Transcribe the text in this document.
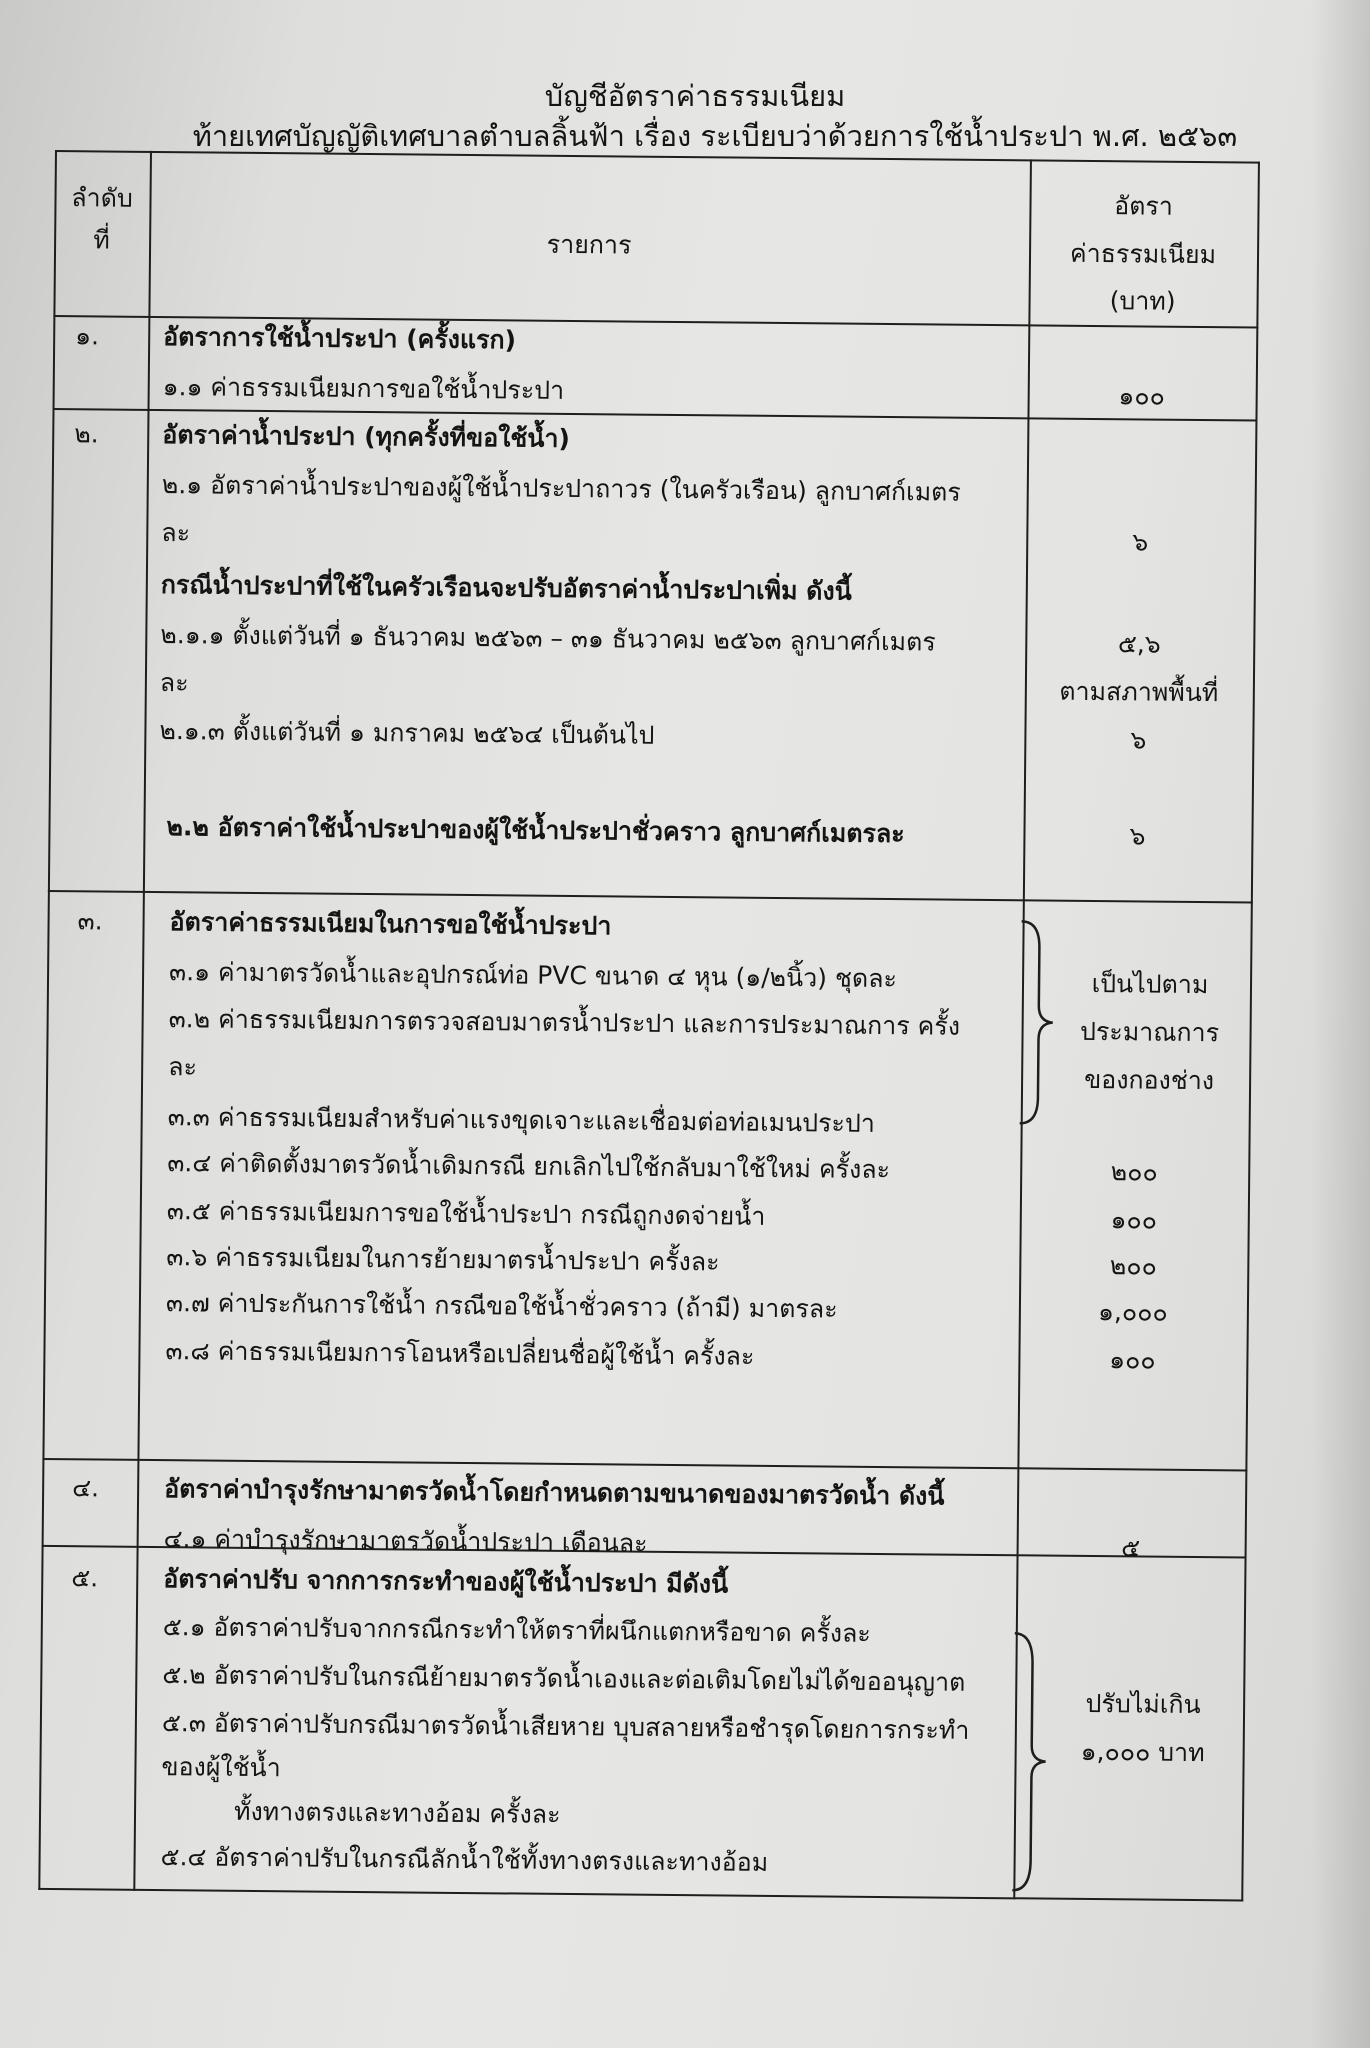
บัญชีอัตราค่าธรรมเนียม
ท้ายเทศบัญญัติเทศบาลตำบลลิ้นฟ้า เรื่อง ระเบียบว่าด้วยการใช้น้ำประปา พ.ศ. ๒๕๖๓
ลำดับ
ที่	รายการ
อัตรา
ค่าธรรมเนียม
(บาท)
๑.	อัตราการใช้น้ำประปา (ครั้งแรก)
๑.๑ ค่าธรรมเนียมการขอใช้น้ำประปา	๑๐๐
๒.	อัตราค่าน้ำประปา (ทุกครั้งที่ขอใช้น้ำ)
๒.๑ อัตราค่าน้ำประปาของผู้ใช้น้ำประปาถาวร (ในครัวเรือน) ลูกบาศก์เมตร
ละ	๖
กรณีน้ำประปาที่ใช้ในครัวเรือนจะปรับอัตราค่าน้ำประปาเพิ่ม ดังนี้
๒.๑.๑ ตั้งแต่วันที่ ๑ ธันวาคม ๒๕๖๓ – ๓๑ ธันวาคม ๒๕๖๓ ลูกบาศก์เมตร	๕,๖
ละ	ตามสภาพพื้นที่
๒.๑.๓ ตั้งแต่วันที่ ๑ มกราคม ๒๕๖๔ เป็นต้นไป	๖
๒.๒ อัตราค่าใช้น้ำประปาของผู้ใช้น้ำประปาชั่วคราว ลูกบาศก์เมตรละ	๖
๓.	อัตราค่าธรรมเนียมในการขอใช้น้ำประปา
๓.๑ ค่ามาตรวัดน้ำและอุปกรณ์ท่อ PVC ขนาด ๔ หุน (๑/๒นิ้ว) ชุดละ
๓.๒ ค่าธรรมเนียมการตรวจสอบมาตรน้ำประปา และการประมาณการ ครั้ง
ละ
๓.๓ ค่าธรรมเนียมสำหรับค่าแรงขุดเจาะและเชื่อมต่อท่อเมนประปา
เป็นไปตาม
ประมาณการ
ของกองช่าง
๓.๔ ค่าติดตั้งมาตรวัดน้ำเดิมกรณี ยกเลิกไปใช้กลับมาใช้ใหม่ ครั้งละ	๒๐๐
๓.๕ ค่าธรรมเนียมการขอใช้น้ำประปา กรณีถูกงดจ่ายน้ำ	๑๐๐
๓.๖ ค่าธรรมเนียมในการย้ายมาตรน้ำประปา ครั้งละ	๒๐๐
๓.๗ ค่าประกันการใช้น้ำ กรณีขอใช้น้ำชั่วคราว (ถ้ามี) มาตรละ	๑,๐๐๐
๓.๘ ค่าธรรมเนียมการโอนหรือเปลี่ยนชื่อผู้ใช้น้ำ ครั้งละ	๑๐๐
๔.	อัตราค่าบำรุงรักษามาตรวัดน้ำโดยกำหนดตามขนาดของมาตรวัดน้ำ ดังนี้
๔.๑ ค่าบำรุงรักษามาตรวัดน้ำประปา เดือนละ	๕
๕.	อัตราค่าปรับ จากการกระทำของผู้ใช้น้ำประปา มีดังนี้
๕.๑ อัตราค่าปรับจากกรณีกระทำให้ตราที่ผนึกแตกหรือขาด ครั้งละ
๕.๒ อัตราค่าปรับในกรณีย้ายมาตรวัดน้ำเองและต่อเติมโดยไม่ได้ขออนุญาต
๕.๓ อัตราค่าปรับกรณีมาตรวัดน้ำเสียหาย บุบสลายหรือชำรุดโดยการกระทำ
ของผู้ใช้น้ำ
ทั้งทางตรงและทางอ้อม ครั้งละ
๕.๔ อัตราค่าปรับในกรณีลักน้ำใช้ทั้งทางตรงและทางอ้อม
ปรับไม่เกิน
๑,๐๐๐ บาท
